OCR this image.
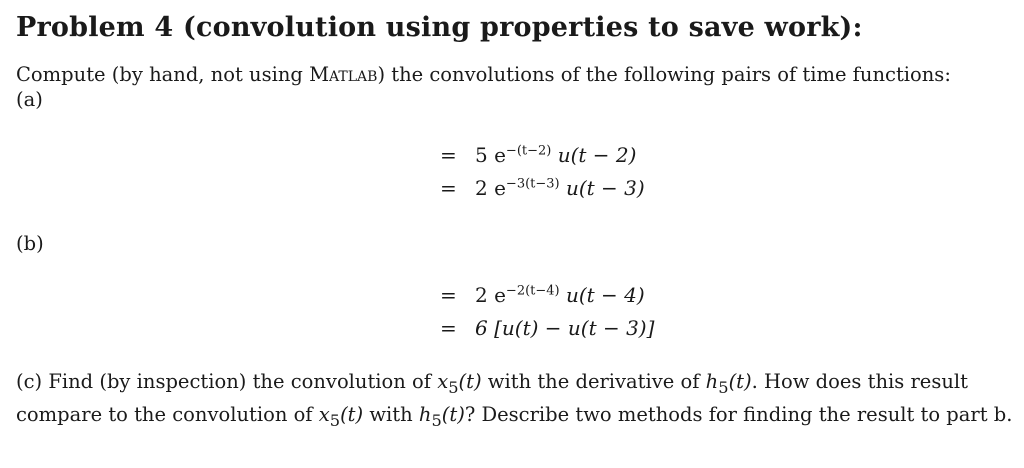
Problem 4 (convolution using properties to save work):
Compute (by hand, not using Matlab) the convolutions of the following pairs of time functions:
(a)
= 5 $e^{-(t-2)}$ u(t − 2)
= 2 $e^{-3(t-3)}$ u(t − 3)
(b)
= 2 $e^{-2(t-4)}$ u(t − 4)
= 6 [u(t) − u(t − 3)]
(c) Find (by inspection) the convolution of $x_5(t)$ with the derivative of $h_5(t)$. How does this result compare to the convolution of $x_5(t)$ with $h_5(t)$? Describe two methods for finding the result to part b.
